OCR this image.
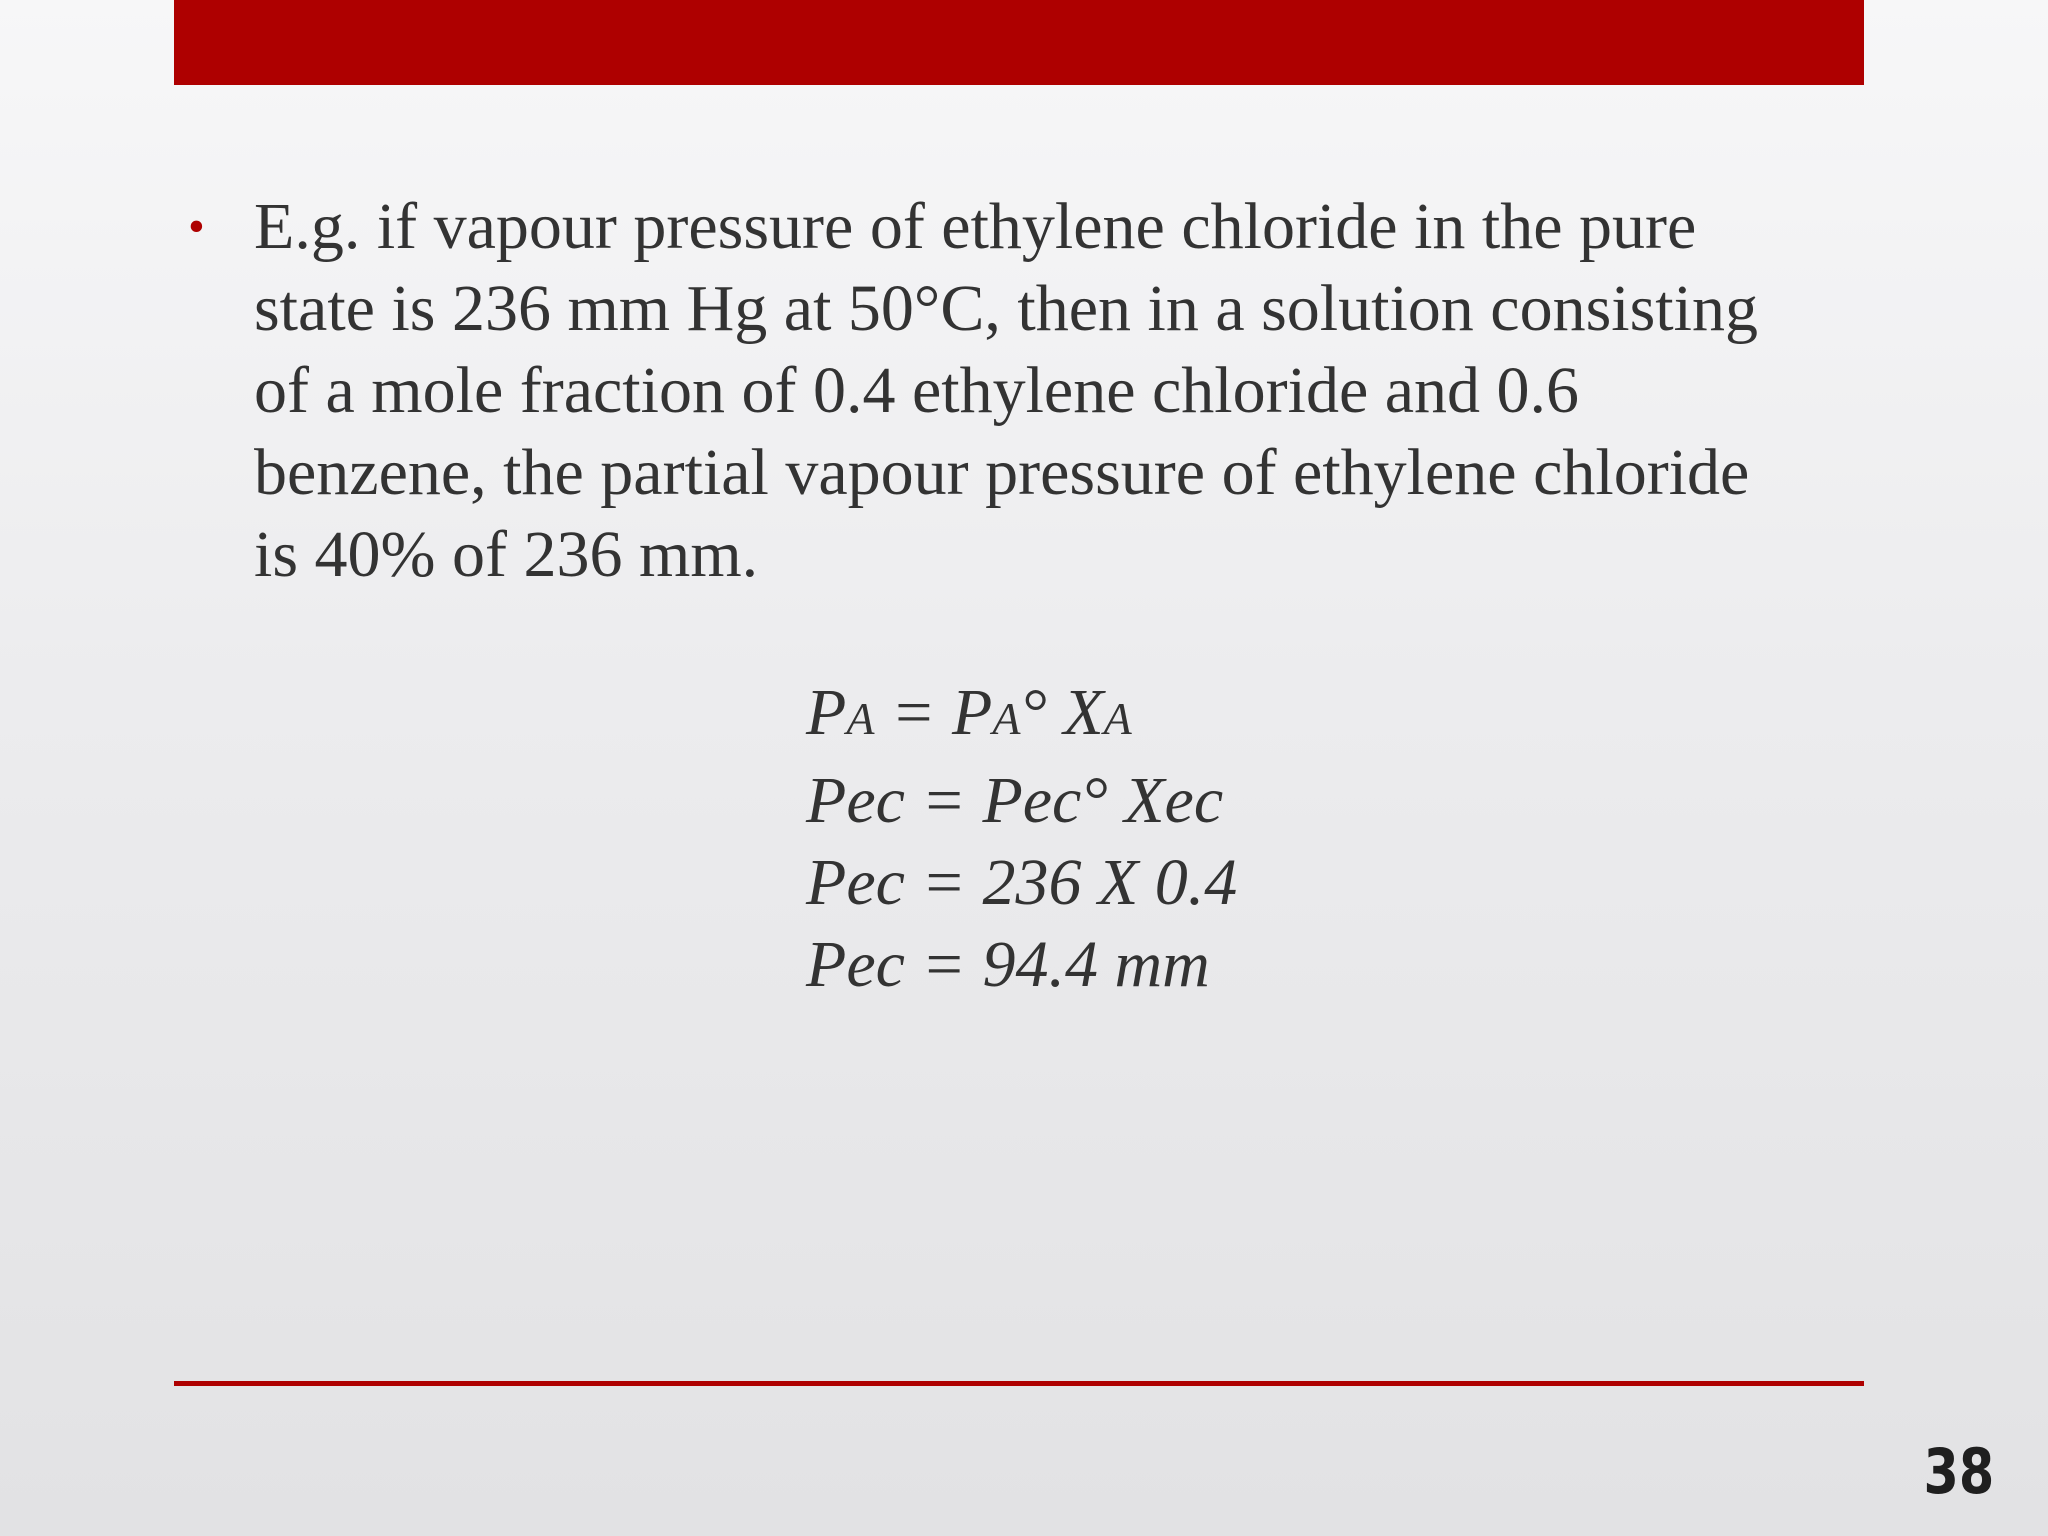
• E.g. if vapour pressure of ethylene chloride in the pure
state is 236 mm Hg at 50°C, then in a solution consisting
of a mole fraction of 0.4 ethylene chloride and 0.6
benzene, the partial vapour pressure of ethylene chloride
is 40% of 236 mm.
PA = PA° XA
Pec = Pec° Xec
Pec = 236 X 0.4
Pec = 94.4 mm
38
